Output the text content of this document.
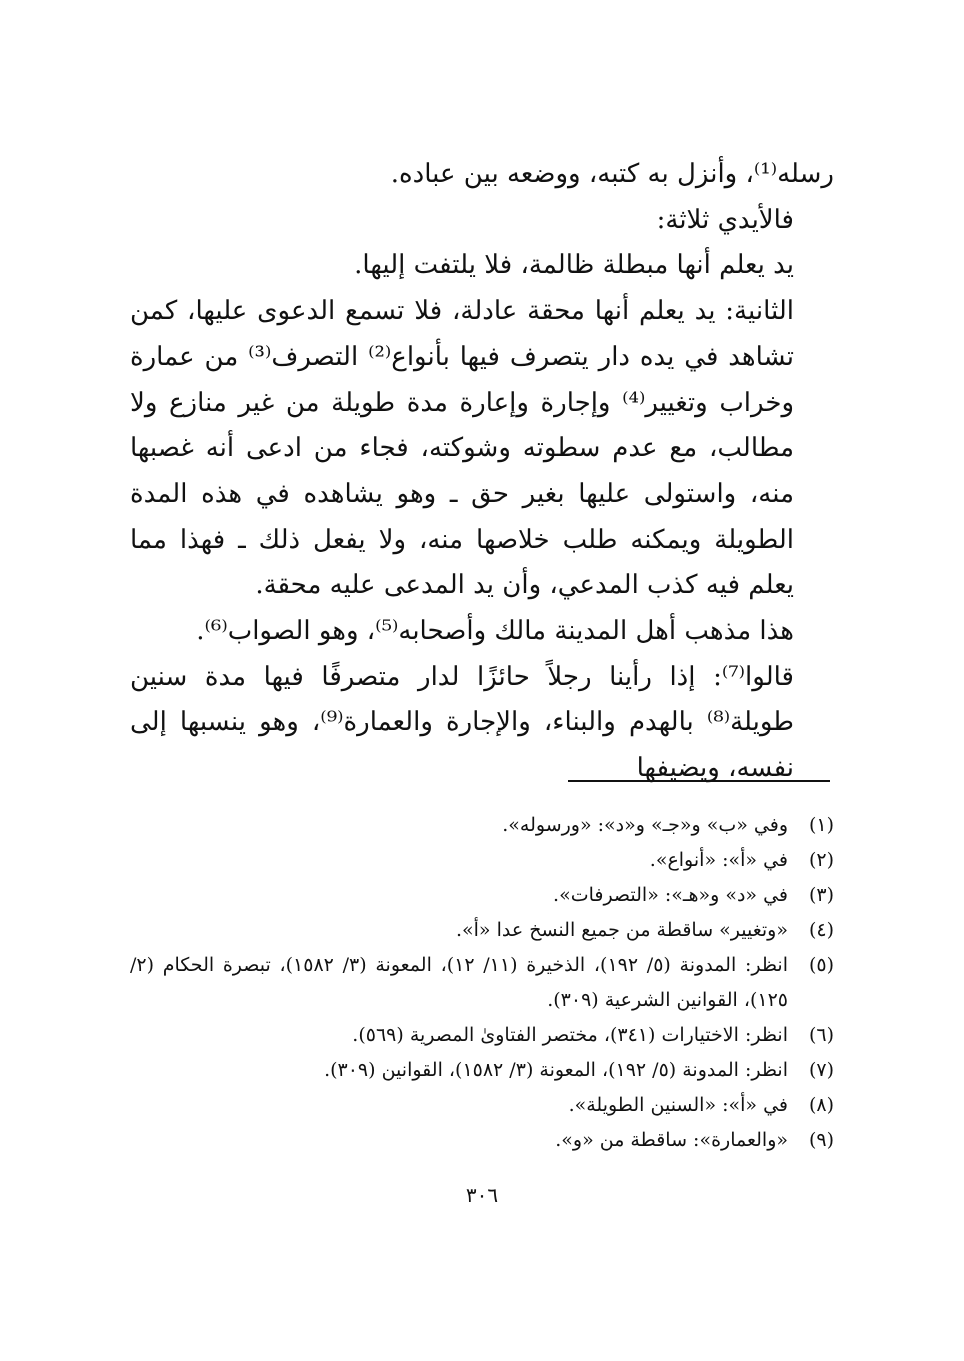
رسله⁽¹⁾، وأنزل به كتبه، ووضعه بين عباده.

فالأيدي ثلاثة:

يد يعلم أنها مبطلة ظالمة، فلا يلتفت إليها.

الثانية: يد يعلم أنها محقة عادلة، فلا تسمع الدعوى عليها، كمن تشاهد في يده دار يتصرف فيها بأنواع⁽²⁾ التصرف⁽³⁾ من عمارة وخراب وتغيير⁽⁴⁾ وإجارة وإعارة مدة طويلة من غير منازع ولا مطالب، مع عدم سطوته وشوكته، فجاء من ادعى أنه غصبها منه، واستولى عليها بغير حق ـ وهو يشاهده في هذه المدة الطويلة ويمكنه طلب خلاصها منه، ولا يفعل ذلك ـ فهذا مما يعلم فيه كذب المدعي، وأن يد المدعى عليه محقة.

هذا مذهب أهل المدينة مالك وأصحابه⁽⁵⁾، وهو الصواب⁽⁶⁾.

قالوا⁽⁷⁾: إذا رأينا رجلاً حائزًا لدار متصرفًا فيها مدة سنين طويلة⁽⁸⁾ بالهدم والبناء، والإجارة والعمارة⁽⁹⁾، وهو ينسبها إلى نفسه، ويضيفها

(١)
وفي «ب» و«جـ» و«د»: «ورسوله».
(٢)
في «أ»: «أنواع».
(٣)
في «د» و«هـ»: «التصرفات».
(٤)
«وتغيير» ساقطة من جميع النسخ عدا «أ».
(٥)
انظر: المدونة (٥/ ١٩٢)، الذخيرة (١١/ ١٢)، المعونة (٣/ ١٥٨٢)، تبصرة الحكام (٢/ ١٢٥)، القوانين الشرعية (٣٠٩).
(٦)
انظر: الاختيارات (٣٤١)، مختصر الفتاوىٰ المصرية (٥٦٩).
(٧)
انظر: المدونة (٥/ ١٩٢)، المعونة (٣/ ١٥٨٢)، القوانين (٣٠٩).
(٨)
في «أ»: «السنين الطويلة».
(٩)
«والعمارة»: ساقطة من «و».
٣٠٦
